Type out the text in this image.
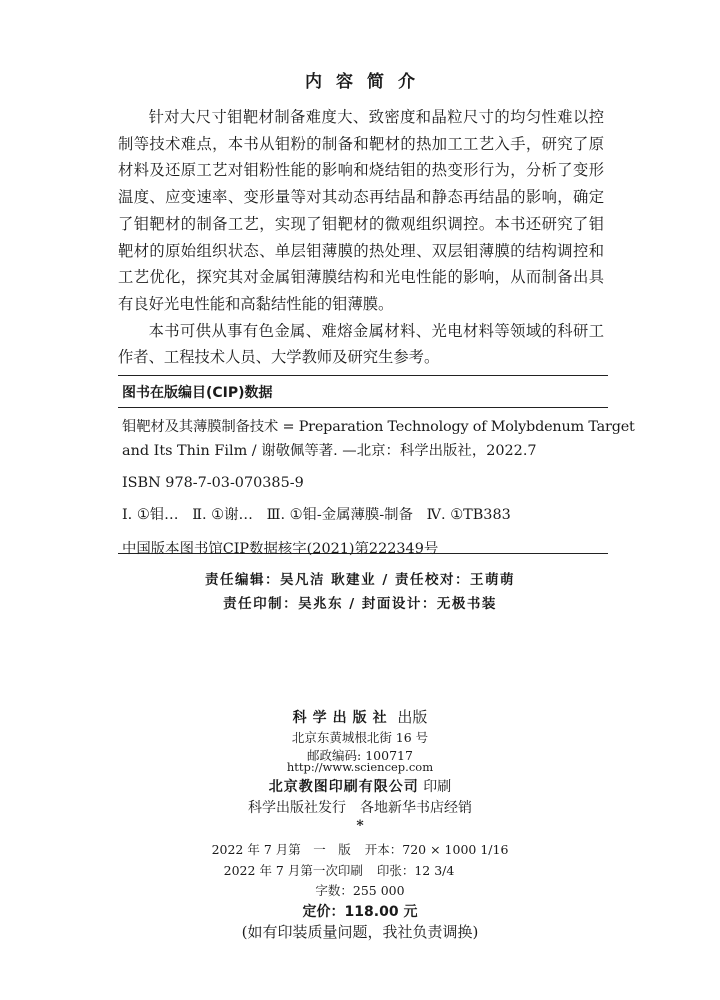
内容简介

针对大尺寸钼靶材制备难度大、致密度和晶粒尺寸的均匀性难以控制等技术难点，本书从钼粉的制备和靶材的热加工工艺入手，研究了原材料及还原工艺对钼粉性能的影响和烧结钼的热变形行为，分析了变形温度、应变速率、变形量等对其动态再结晶和静态再结晶的影响，确定了钼靶材的制备工艺，实现了钼靶材的微观组织调控。本书还研究了钼靶材的原始组织状态、单层钼薄膜的热处理、双层钼薄膜的结构调控和工艺优化，探究其对金属钼薄膜结构和光电性能的影响，从而制备出具有良好光电性能和高黏结性能的钼薄膜。

本书可供从事有色金属、难熔金属材料、光电材料等领域的科研工作者、工程技术人员、大学教师及研究生参考。

图书在版编目(CIP)数据
钼靶材及其薄膜制备技术 = Preparation Technology of Molybdenum Target
and Its Thin Film / 谢敬佩等著. —北京：科学出版社，2022.7
ISBN 978-7-03-070385-9
Ⅰ. ①钼…   Ⅱ. ①谢…   Ⅲ. ①钼-金属薄膜-制备   Ⅳ. ①TB383
中国版本图书馆CIP数据核字(2021)第222349号
责任编辑：吴凡洁 耿建业 / 责任校对：王萌萌
责任印制：吴兆东 / 封面设计：无极书装
科学出版社 出版
北京东黄城根北街 16 号
邮政编码: 100717
http://www.sciencep.com
北京教图印刷有限公司 印刷
科学出版社发行　各地新华书店经销
*
2022 年 7 月第　一　版 开本：720 × 1000 1/16
2022 年 7 月第一次印刷 印张：12 3/4
字数：255 000
定价：118.00 元
(如有印装质量问题，我社负责调换)
